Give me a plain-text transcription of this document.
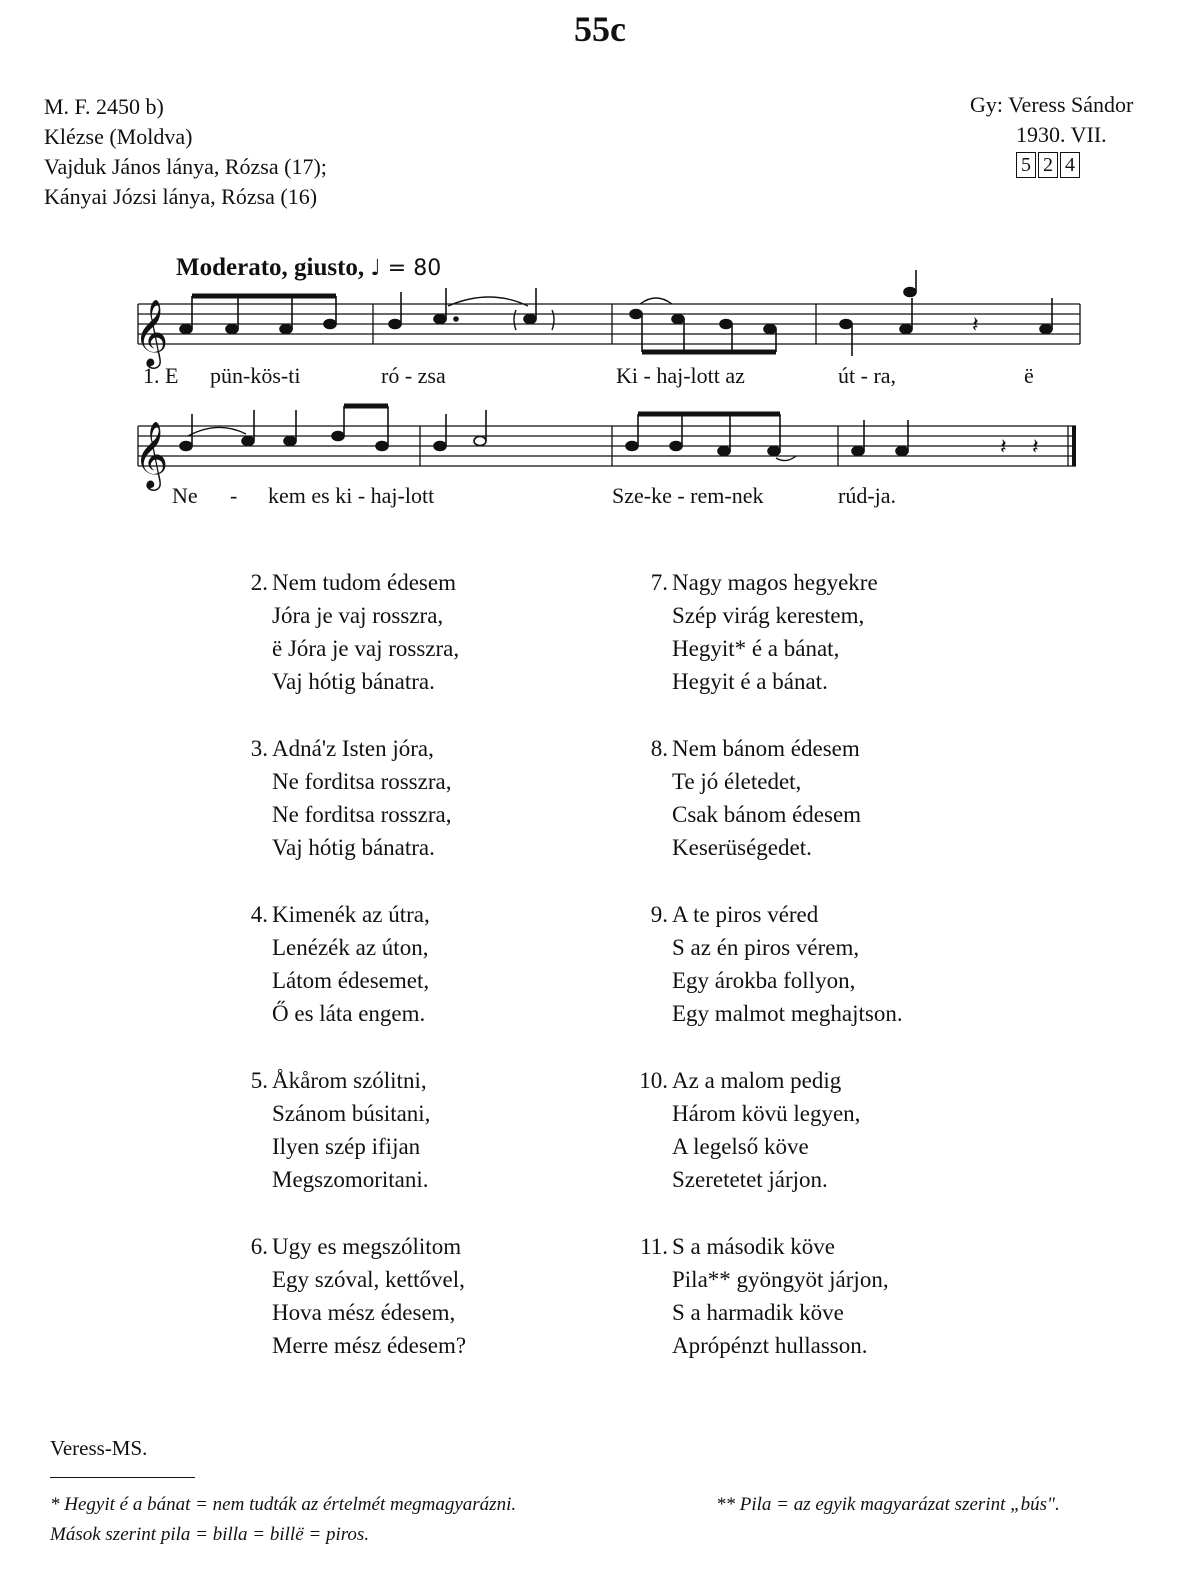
55c
M. F. 2450 b)
Klézse (Moldva)
Vajduk János lánya, Rózsa (17);
Kányai Józsi lánya, Rózsa (16)
Gy: Veress Sándor
1930. VII.
5 2 4
Moderato, giusto, ♩ = 80
𝄞	𝄽
1. E pün-kös-ti	ró - zsa	Ki - haj-lott az	út - ra,	ë
𝄞	𝄽 𝄽
Ne - kem es ki - haj-lott	Sze-ke - rem-nek	rúd-ja.
2. Nem tudom édesem
Jóra je vaj rosszra,
ë Jóra je vaj rosszra,
Vaj hótig bánatra.
3. Adná'z Isten jóra,
Ne forditsa rosszra,
Ne forditsa rosszra,
Vaj hótig bánatra.
4. Kimenék az útra,
Lenézék az úton,
Látom édesemet,
Ő es láta engem.
5. Åkårom szólitni,
Szánom búsitani,
Ilyen szép ifijan
Megszomoritani.
6. Ugy es megszólitom
Egy szóval, kettővel,
Hova mész édesem,
Merre mész édesem?
7. Nagy magos hegyekre
Szép virág kerestem,
Hegyit* é a bánat,
Hegyit é a bánat.
8. Nem bánom édesem
Te jó életedet,
Csak bánom édesem
Keserüségedet.
9. A te piros véred
S az én piros vérem,
Egy árokba follyon,
Egy malmot meghajtson.
10. Az a malom pedig
Három kövü legyen,
A legelső köve
Szeretetet járjon.
11. S a második köve
Pila** gyöngyöt járjon,
S a harmadik köve
Aprópénzt hullasson.
Veress-MS.
* Hegyit é a bánat = nem tudták az értelmét megmagyarázni.
Mások szerint pila = billa = billë = piros.
** Pila = az egyik magyarázat szerint „bús".
